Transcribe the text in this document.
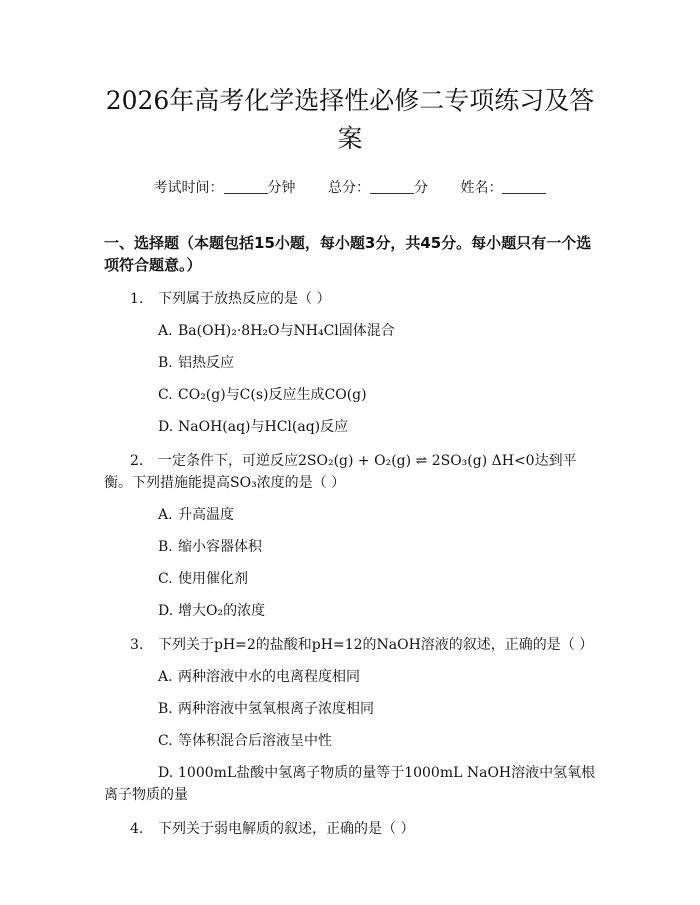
2026年高考化学选择性必修二专项练习及答案
考试时间：	分钟 总分：	分 姓名：
一、选择题（本题包括15小题，每小题3分，共45分。每小题只有一个选项符合题意。）
1. 下列属于放热反应的是（ ）
A. Ba(OH)₂·8H₂O与NH₄Cl固体混合
B. 铝热反应
C. CO₂(g)与C(s)反应生成CO(g)
D. NaOH(aq)与HCl(aq)反应
2. 一定条件下，可逆反应2SO₂(g) + O₂(g) ⇌ 2SO₃(g) ΔH<0达到平衡。下列措施能提高SO₃浓度的是（ ）
A. 升高温度
B. 缩小容器体积
C. 使用催化剂
D. 增大O₂的浓度
3. 下列关于pH=2的盐酸和pH=12的NaOH溶液的叙述，正确的是（ ）
A. 两种溶液中水的电离程度相同
B. 两种溶液中氢氧根离子浓度相同
C. 等体积混合后溶液呈中性
D. 1000mL盐酸中氢离子物质的量等于1000mL NaOH溶液中氢氧根离子物质的量
4. 下列关于弱电解质的叙述，正确的是（ ）
